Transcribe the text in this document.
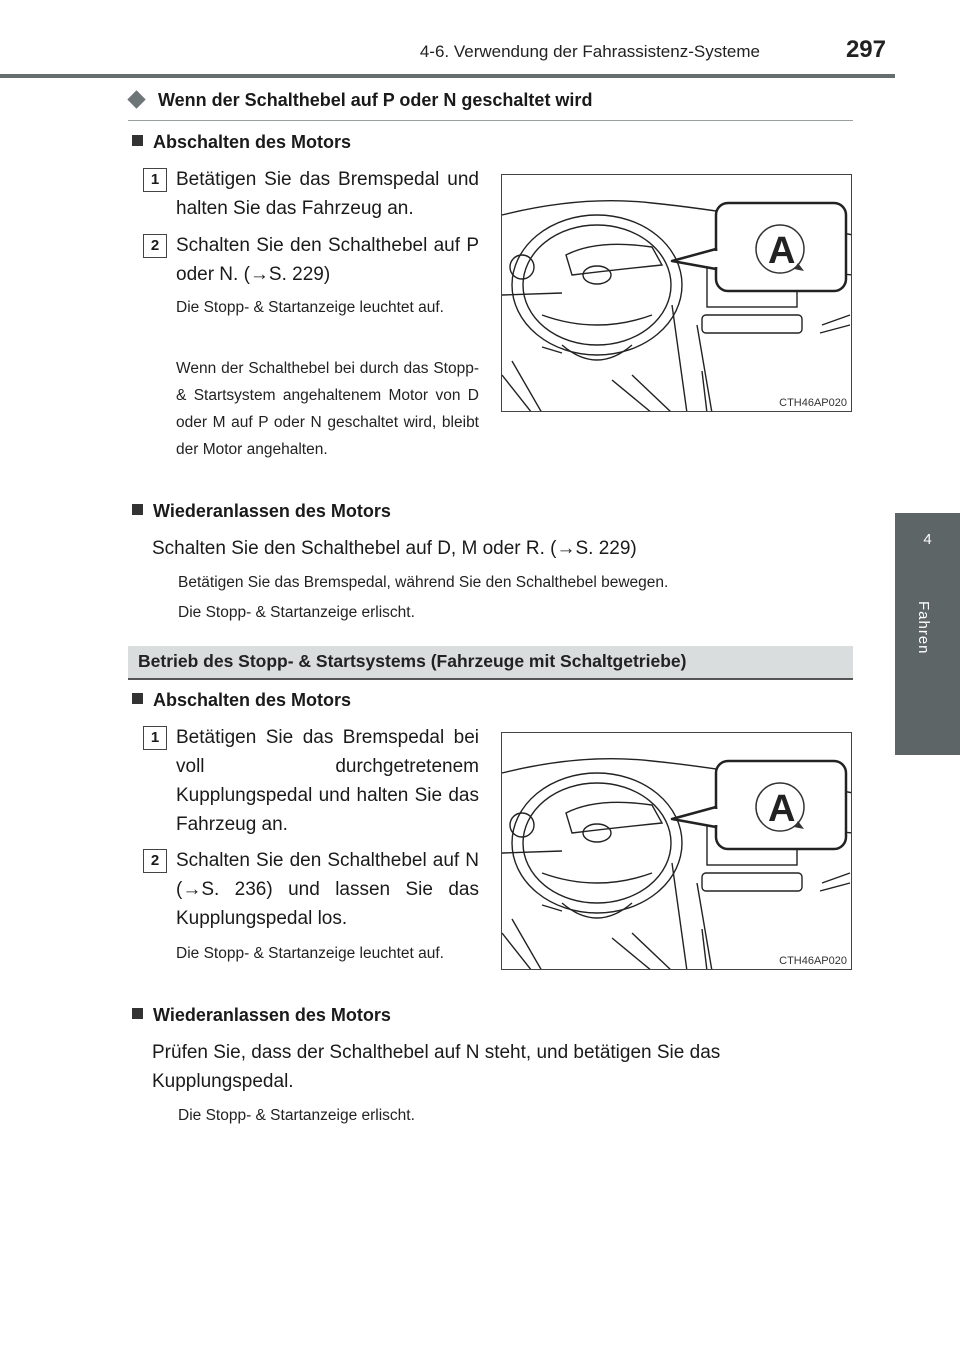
4-6. Verwendung der Fahrassistenz-Systeme	297
4
Fahren
Wenn der Schalthebel auf P oder N geschaltet wird
Abschalten des Motors
1 Betätigen Sie das Bremspedal und halten Sie das Fahrzeug an.
2 Schalten Sie den Schalthebel auf P oder N. (→S. 229)
Die Stopp- & Startanzeige leuchtet auf.
Wenn der Schalthebel bei durch das Stopp- & Startsystem angehaltenem Motor von D oder M auf P oder N geschaltet wird, bleibt der Motor angehalten.
A
CTH46AP020
Wiederanlassen des Motors
Schalten Sie den Schalthebel auf D, M oder R. (→S. 229)
Betätigen Sie das Bremspedal, während Sie den Schalthebel bewegen.
Die Stopp- & Startanzeige erlischt.
Betrieb des Stopp- & Startsystems (Fahrzeuge mit Schaltgetriebe)
Abschalten des Motors
1 Betätigen Sie das Bremspedal bei voll durchgetretenem Kupplungspedal und halten Sie das Fahrzeug an.
2 Schalten Sie den Schalthebel auf N (→S. 236) und lassen Sie das Kupplungspedal los.
Die Stopp- & Startanzeige leuchtet auf.
A
CTH46AP020
Wiederanlassen des Motors
Prüfen Sie, dass der Schalthebel auf N steht, und betätigen Sie das Kupplungspedal.
Die Stopp- & Startanzeige erlischt.
